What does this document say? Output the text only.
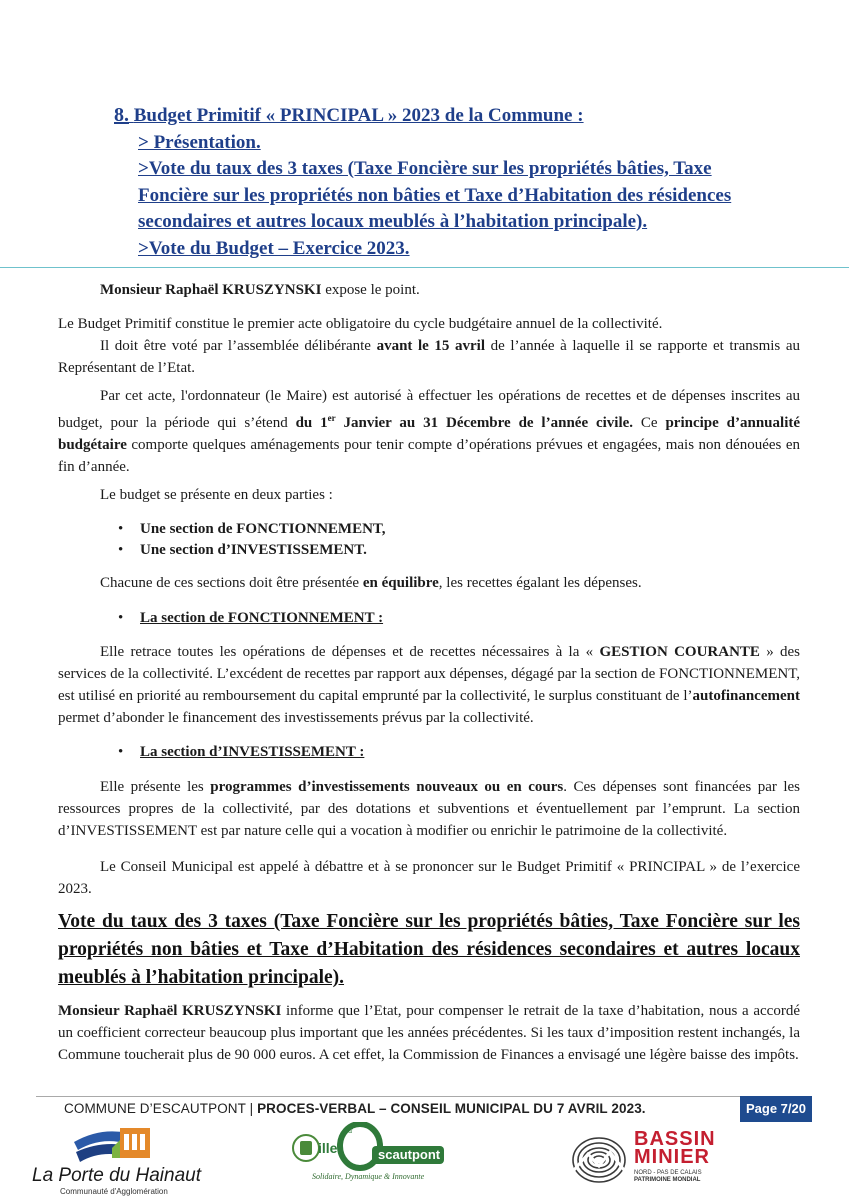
8. Budget Primitif « PRINCIPAL » 2023 de la Commune :
> Présentation.
>Vote du taux des 3 taxes (Taxe Foncière sur les propriétés bâties, Taxe
Foncière sur les propriétés non bâties et Taxe d’Habitation des résidences
secondaires et autres locaux meublés à l’habitation principale).
>Vote du Budget – Exercice 2023.
Monsieur Raphaël KRUSZYNSKI expose le point.
Le Budget Primitif constitue le premier acte obligatoire du cycle budgétaire annuel de la collectivité.
Il doit être voté par l’assemblée délibérante avant le 15 avril de l’année à laquelle il se rapporte et transmis au Représentant de l’Etat.
Par cet acte, l'ordonnateur (le Maire) est autorisé à effectuer les opérations de recettes et de dépenses inscrites au budget, pour la période qui s’étend du 1er Janvier au 31 Décembre de l’année civile. Ce principe d’annualité budgétaire comporte quelques aménagements pour tenir compte d’opérations prévues et engagées, mais non dénouées en fin d’année.
Le budget se présente en deux parties :
• Une section de FONCTIONNEMENT,
• Une section d’INVESTISSEMENT.
Chacune de ces sections doit être présentée en équilibre, les recettes égalant les dépenses.
• La section de FONCTIONNEMENT :
Elle retrace toutes les opérations de dépenses et de recettes nécessaires à la « GESTION COURANTE » des services de la collectivité. L’excédent de recettes par rapport aux dépenses, dégagé par la section de FONCTIONNEMENT, est utilisé en priorité au remboursement du capital emprunté par la collectivité, le surplus constituant de l’autofinancement permet d’abonder le financement des investissements prévus par la collectivité.
• La section d’INVESTISSEMENT :
Elle présente les programmes d’investissements nouveaux ou en cours. Ces dépenses sont financées par les ressources propres de la collectivité, par des dotations et subventions et éventuellement par l’emprunt. La section d’INVESTISSEMENT est par nature celle qui a vocation à modifier ou enrichir le patrimoine de la collectivité.
Le Conseil Municipal est appelé à débattre et à se prononcer sur le Budget Primitif « PRINCIPAL » de l’exercice 2023.
Vote du taux des 3 taxes (Taxe Foncière sur les propriétés bâties, Taxe Foncière sur les propriétés non bâties et Taxe d’Habitation des résidences secondaires et autres locaux meublés à l’habitation principale).
Monsieur Raphaël KRUSZYNSKI informe que l’Etat, pour compenser le retrait de la taxe d’habitation, nous a accordé un coefficient correcteur beaucoup plus important que les années précédentes. Si les taux d’imposition restent inchangés, la Commune toucherait plus de 90 000 euros. A cet effet, la Commission de Finances a envisagé une légère baisse des impôts.
COMMUNE D’ESCAUTPONT | PROCES-VERBAL – CONSEIL MUNICIPAL DU 7 AVRIL 2023.	Page 7/20
La Porte du Hainaut
Communauté d'Agglomération
ille
d'
scautpont
Solidaire, Dynamique & Innovante
BASSIN
MINIER
NORD - PAS DE CALAIS
PATRIMOINE MONDIAL
